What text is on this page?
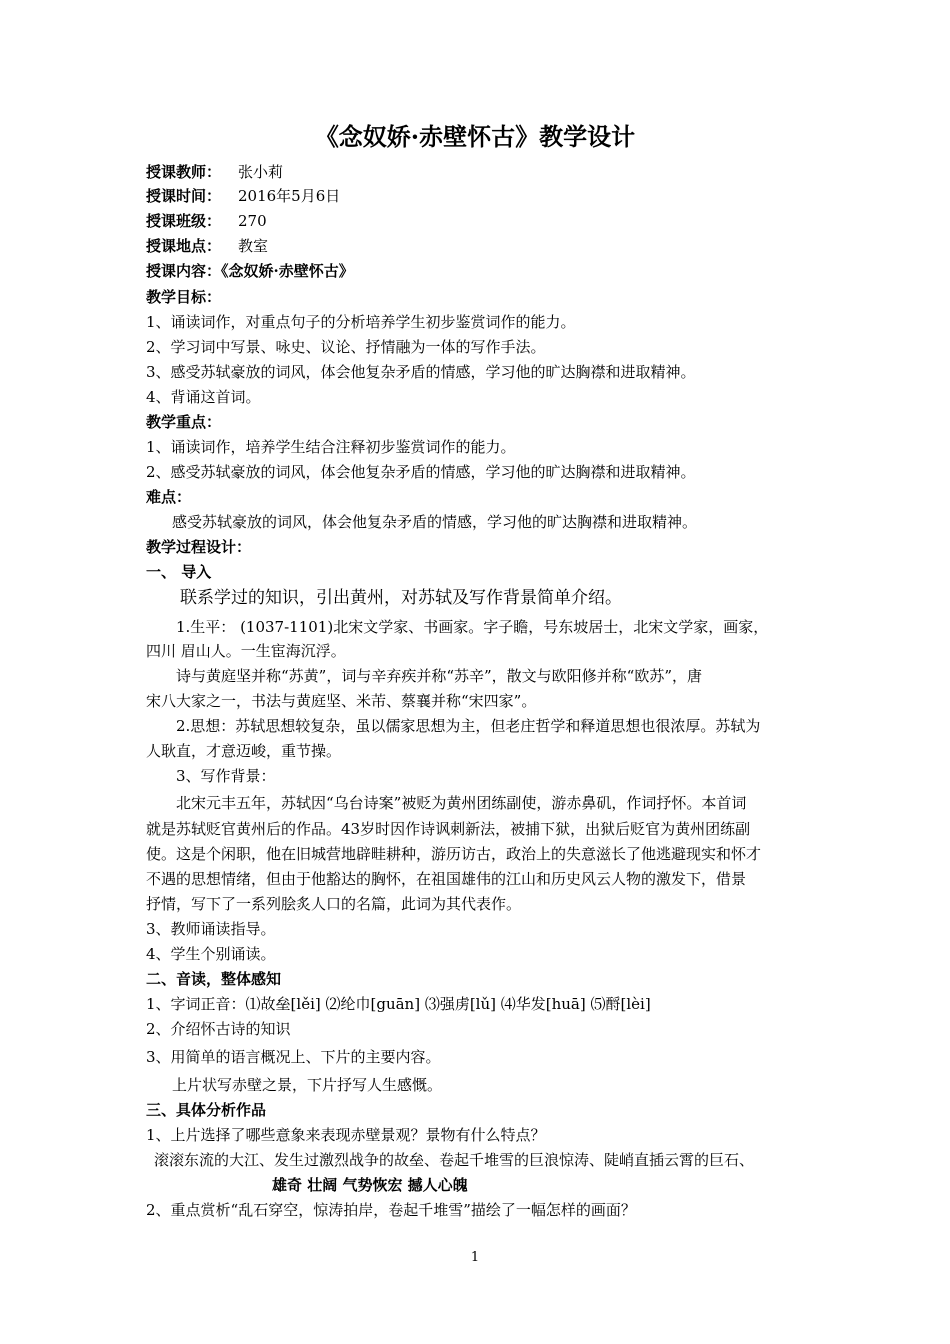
《念奴娇·赤壁怀古》教学设计
授课教师： 张小莉
授课时间： 2016年5月6日
授课班级： 270
授课地点： 教室
授课内容：《念奴娇·赤壁怀古》
教学目标：
1、诵读词作，对重点句子的分析培养学生初步鉴赏词作的能力。
2、学习词中写景、咏史、议论、抒情融为一体的写作手法。
3、感受苏轼豪放的词风，体会他复杂矛盾的情感，学习他的旷达胸襟和进取精神。
4、背诵这首词。
教学重点：
1、诵读词作，培养学生结合注释初步鉴赏词作的能力。
2、感受苏轼豪放的词风，体会他复杂矛盾的情感，学习他的旷达胸襟和进取精神。
难点：
感受苏轼豪放的词风，体会他复杂矛盾的情感，学习他的旷达胸襟和进取精神。
教学过程设计：
一、 导入
联系学过的知识，引出黄州，对苏轼及写作背景简单介绍。
1.生平： (1037-1101)北宋文学家、书画家。字子瞻，号东坡居士，北宋文学家，画家，
四川 眉山人。一生宦海沉浮。
诗与黄庭坚并称“苏黄”，词与辛弃疾并称“苏辛”，散文与欧阳修并称“欧苏”，唐
宋八大家之一，书法与黄庭坚、米芾、蔡襄并称“宋四家”。
2.思想：苏轼思想较复杂，虽以儒家思想为主，但老庄哲学和释道思想也很浓厚。苏轼为
人耿直，才意迈峻，重节操。
3、写作背景：
北宋元丰五年，苏轼因“乌台诗案”被贬为黄州团练副使，游赤鼻矶，作词抒怀。本首词
就是苏轼贬官黄州后的作品。43岁时因作诗讽刺新法，被捕下狱，出狱后贬官为黄州团练副
使。这是个闲职，他在旧城营地辟畦耕种，游历访古，政治上的失意滋长了他逃避现实和怀才
不遇的思想情绪，但由于他豁达的胸怀，在祖国雄伟的江山和历史风云人物的激发下，借景
抒情，写下了一系列脍炙人口的名篇，此词为其代表作。
3、教师诵读指导。
4、学生个别诵读。
二、音读，整体感知
1、字词正音：⑴故垒[lěi] ⑵纶巾[guān] ⑶强虏[lǔ] ⑷华发[huā] ⑸酹[lèi]
2、介绍怀古诗的知识
3、用简单的语言概况上、下片的主要内容。
上片状写赤壁之景，下片抒写人生感慨。
三、具体分析作品
1、上片选择了哪些意象来表现赤壁景观？景物有什么特点？
滚滚东流的大江、发生过激烈战争的故垒、卷起千堆雪的巨浪惊涛、陡峭直插云霄的巨石、
雄奇 壮阔 气势恢宏 撼人心魄
2、重点赏析“乱石穿空，惊涛拍岸，卷起千堆雪”描绘了一幅怎样的画面？
1
